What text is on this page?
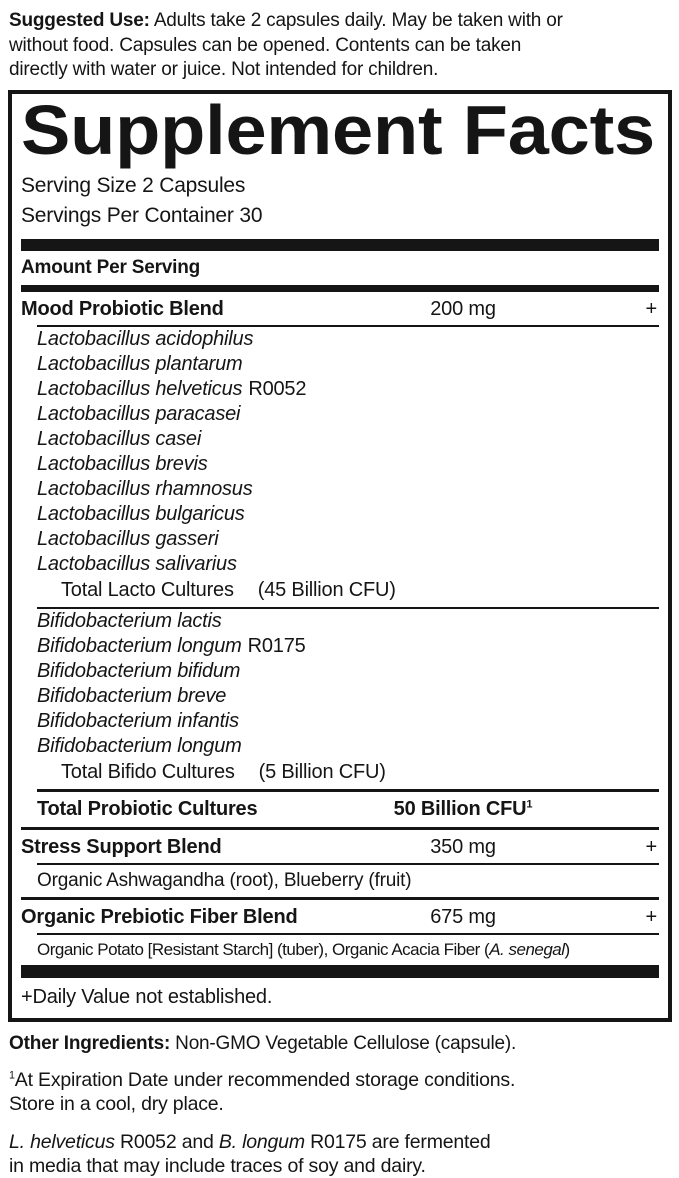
Suggested Use: Adults take 2 capsules daily. May be taken with or
without food. Capsules can be opened. Contents can be taken
directly with water or juice. Not intended for children.
Supplement Facts
Serving Size 2 Capsules
Servings Per Container 30
Amount Per Serving
Mood Probiotic Blend	200 mg	+
Lactobacillus acidophilus
Lactobacillus plantarum
Lactobacillus helveticus R0052
Lactobacillus paracasei
Lactobacillus casei
Lactobacillus brevis
Lactobacillus rhamnosus
Lactobacillus bulgaricus
Lactobacillus gasseri
Lactobacillus salivarius
Total Lacto Cultures (45 Billion CFU)
Bifidobacterium lactis
Bifidobacterium longum R0175
Bifidobacterium bifidum
Bifidobacterium breve
Bifidobacterium infantis
Bifidobacterium longum
Total Bifido Cultures (5 Billion CFU)
Total Probiotic Cultures	50 Billion CFU$^1$
Stress Support Blend	350 mg	+
Organic Ashwagandha (root), Blueberry (fruit)
Organic Prebiotic Fiber Blend	675 mg	+
Organic Potato [Resistant Starch] (tuber), Organic Acacia Fiber (A. senegal)
+Daily Value not established.
Other Ingredients: Non-GMO Vegetable Cellulose (capsule).
$^1$At Expiration Date under recommended storage conditions.
Store in a cool, dry place.
L. helveticus R0052 and B. longum R0175 are fermented
in media that may include traces of soy and dairy.
